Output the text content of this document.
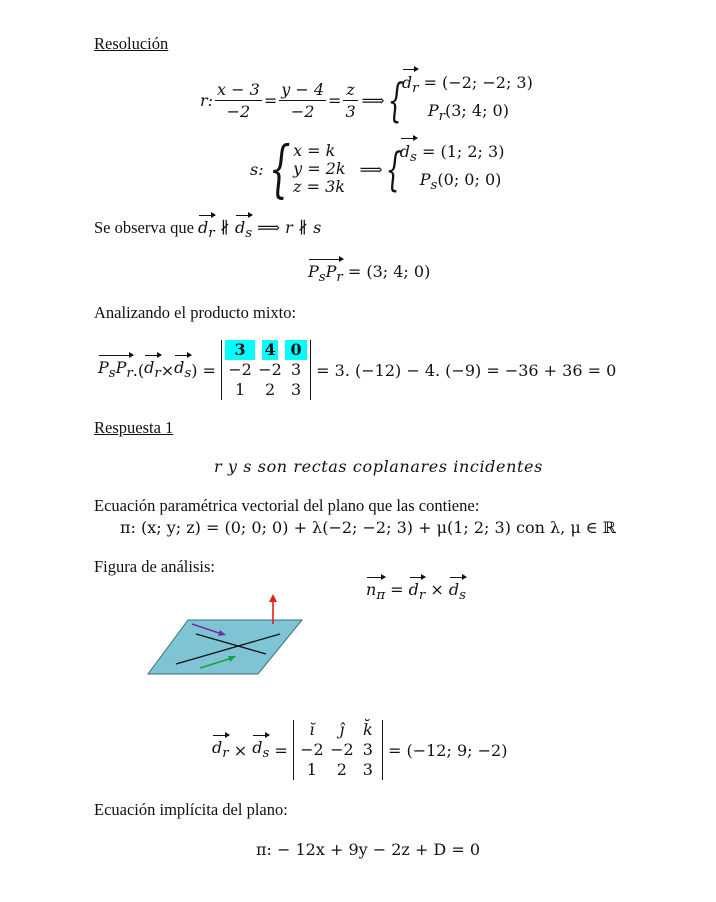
Resolución
r: $\frac{x - 3}{-2} = \frac{y - 4}{-2} = \frac{z}{3}$ ⟹ {
$d_r = (-2$; −2; 3)
$P_r(3$; 4; 0)
s: { x = k
y = 2k
z = 3k
⟹ {
$d_s = (1$; 2; 3)
$P_s(0$; 0; 0)
Se observa que $d_r$ ∦ $d_s$ ⟹ r ∦ s
$P_sP_r = (3$; 4; 0)
Analizando el producto mixto:
$P_sP_r$ . ( $d_r \times d_s$ ) =
3	4 0
−2 −2 3
1	2 3

= 3. (−12) − 4. (−9) = −36 + 36 = 0
Respuesta 1
r y s son rectas coplanares incidentes
Ecuación paramétrica vectorial del plano que las contiene:
π: (x; y; z) = (0; 0; 0) + λ(−2; −2; 3) + μ(1; 2; 3) con λ, μ ∈ ℝ
Figura de análisis:
$n_\pi = d_r \times d_s$
$d_r \times d_s$ =
ĭ	ĵ	k̆
−2 −2 3
1	2 3

= (−12; 9; −2)
Ecuación implícita del plano:
π: − 12x + 9y − 2z + D = 0
